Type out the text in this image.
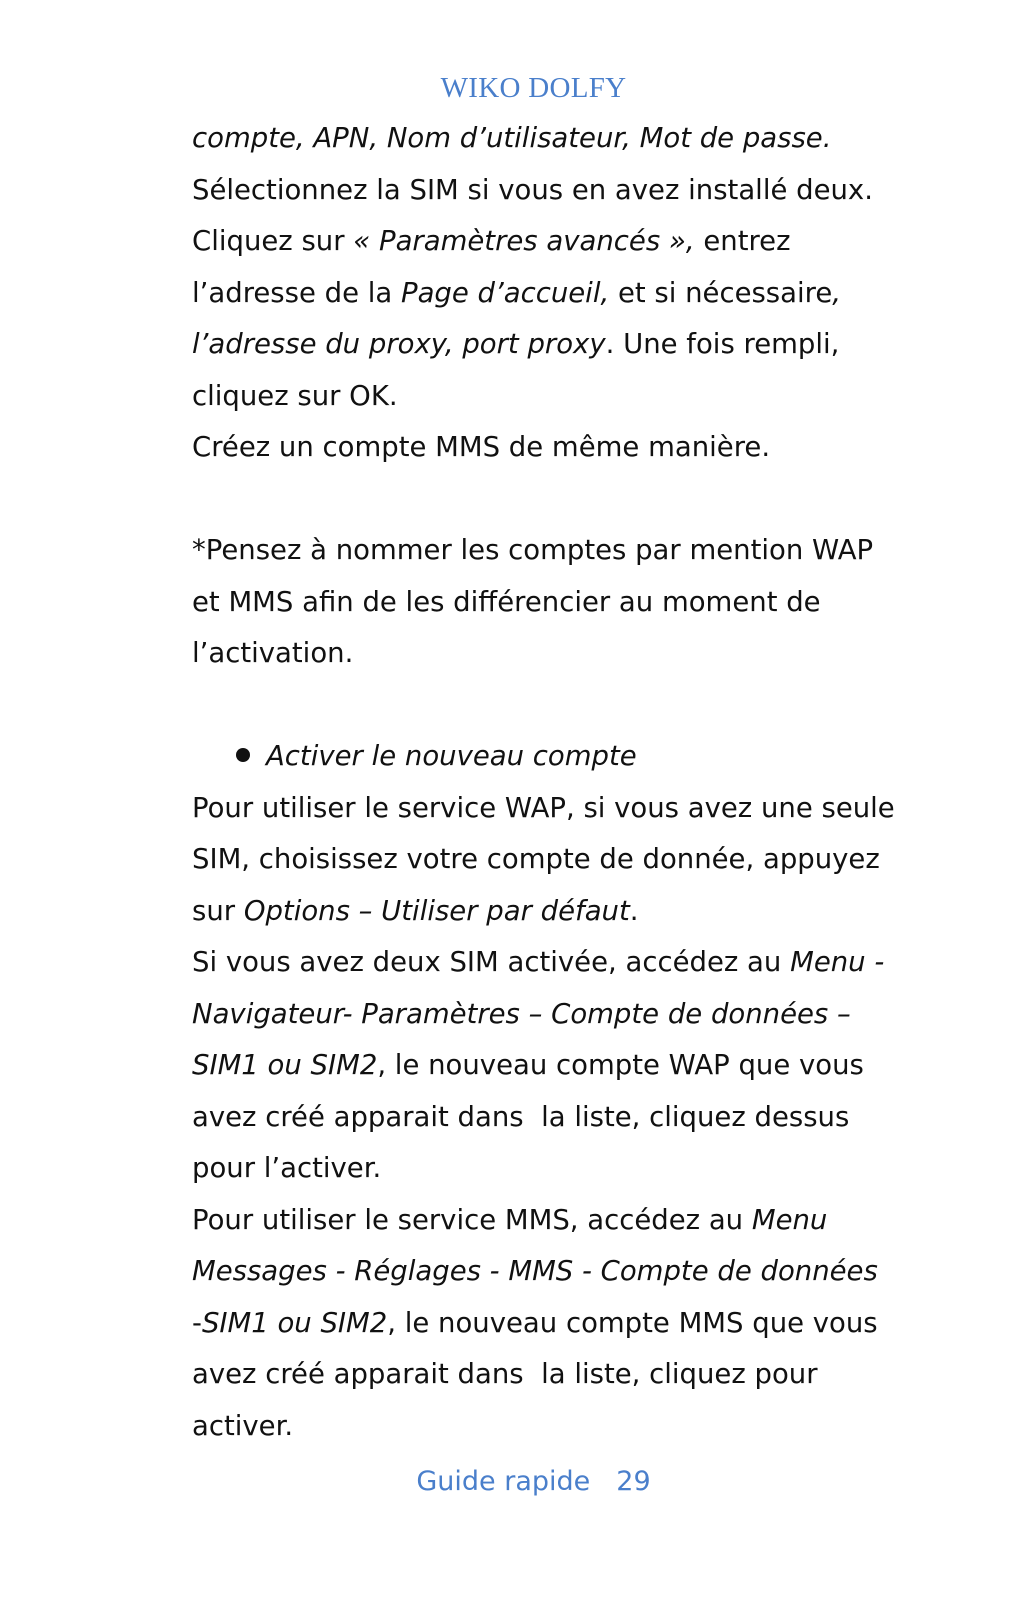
WIKO DOLFY
compte, APN, Nom d’utilisateur, Mot de passe.
Sélectionnez la SIM si vous en avez installé deux.
Cliquez sur « Paramètres avancés », entrez
l’adresse de la Page d’accueil, et si nécessaire,
l’adresse du proxy, port proxy. Une fois rempli,
cliquez sur OK.
Créez un compte MMS de même manière.
*Pensez à nommer les comptes par mention WAP
et MMS afin de les différencier au moment de
l’activation.
Activer le nouveau compte
Pour utiliser le service WAP, si vous avez une seule
SIM, choisissez votre compte de donnée, appuyez
sur Options – Utiliser par défaut.
Si vous avez deux SIM activée, accédez au Menu -
Navigateur- Paramètres – Compte de données –
SIM1 ou SIM2, le nouveau compte WAP que vous
avez créé apparait dans  la liste, cliquez dessus
pour l’activer.
Pour utiliser le service MMS, accédez au Menu
Messages - Réglages - MMS - Compte de données
-SIM1 ou SIM2, le nouveau compte MMS que vous
avez créé apparait dans  la liste, cliquez pour
activer.
Guide rapide 29
